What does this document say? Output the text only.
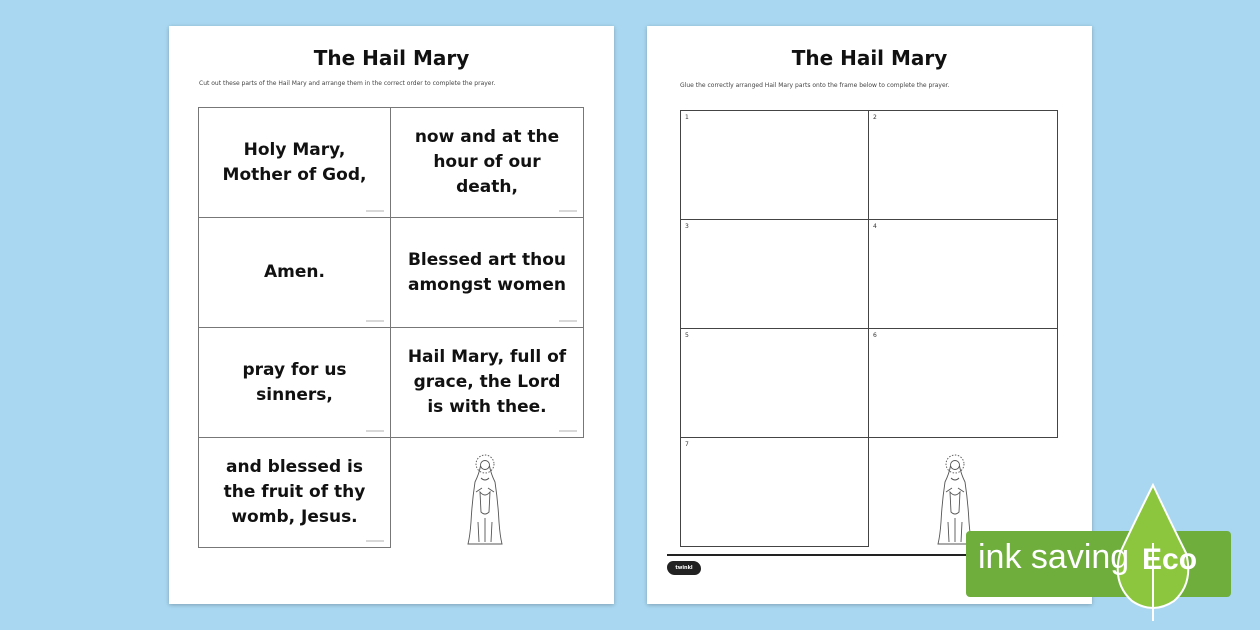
The Hail Mary
Cut out these parts of the Hail Mary and arrange them in the correct order to complete the prayer.
Holy Mary, Mother of God,
now and at the hour of our death,
Amen.
Blessed art thou amongst women
pray for us sinners,
Hail Mary, full of grace, the Lord is with thee.
and blessed is the fruit of thy womb, Jesus.
The Hail Mary
Glue the correctly arranged Hail Mary parts onto the frame below to complete the prayer.
1	2
3	4
5	6
7
twinkl	ink saving Eco
